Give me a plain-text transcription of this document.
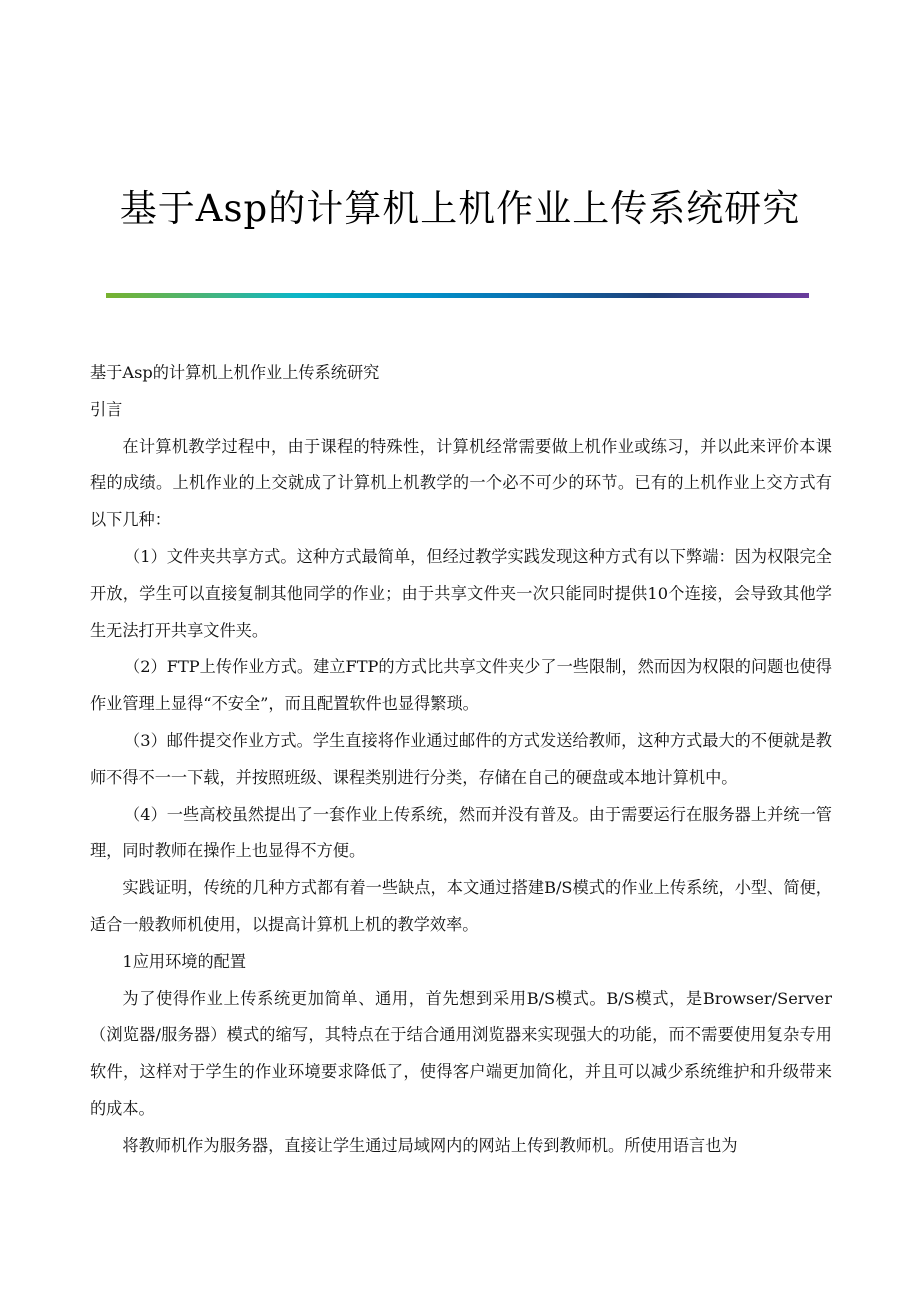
基于Asp的计算机上机作业上传系统研究

基于Asp的计算机上机作业上传系统研究

引言

在计算机教学过程中，由于课程的特殊性，计算机经常需要做上机作业或练习，并以此来评价本课程的成绩。上机作业的上交就成了计算机上机教学的一个必不可少的环节。已有的上机作业上交方式有以下几种：

（1）文件夹共享方式。这种方式最简单，但经过教学实践发现这种方式有以下弊端：因为权限完全开放，学生可以直接复制其他同学的作业；由于共享文件夹一次只能同时提供10个连接，会导致其他学生无法打开共享文件夹。

（2）FTP上传作业方式。建立FTP的方式比共享文件夹少了一些限制，然而因为权限的问题也使得作业管理上显得“不安全”，而且配置软件也显得繁琐。

（3）邮件提交作业方式。学生直接将作业通过邮件的方式发送给教师，这种方式最大的不便就是教师不得不一一下载，并按照班级、课程类别进行分类，存储在自己的硬盘或本地计算机中。

（4）一些高校虽然提出了一套作业上传系统，然而并没有普及。由于需要运行在服务器上并统一管理，同时教师在操作上也显得不方便。

实践证明，传统的几种方式都有着一些缺点，本文通过搭建B/S模式的作业上传系统，小型、简便，适合一般教师机使用，以提高计算机上机的教学效率。

1应用环境的配置

为了使得作业上传系统更加简单、通用，首先想到采用B/S模式。B/S模式，是Browser/Server（浏览器/服务器）模式的缩写，其特点在于结合通用浏览器来实现强大的功能，而不需要使用复杂专用软件，这样对于学生的作业环境要求降低了，使得客户端更加简化，并且可以减少系统维护和升级带来的成本。

将教师机作为服务器，直接让学生通过局域网内的网站上传到教师机。所使用语言也为
